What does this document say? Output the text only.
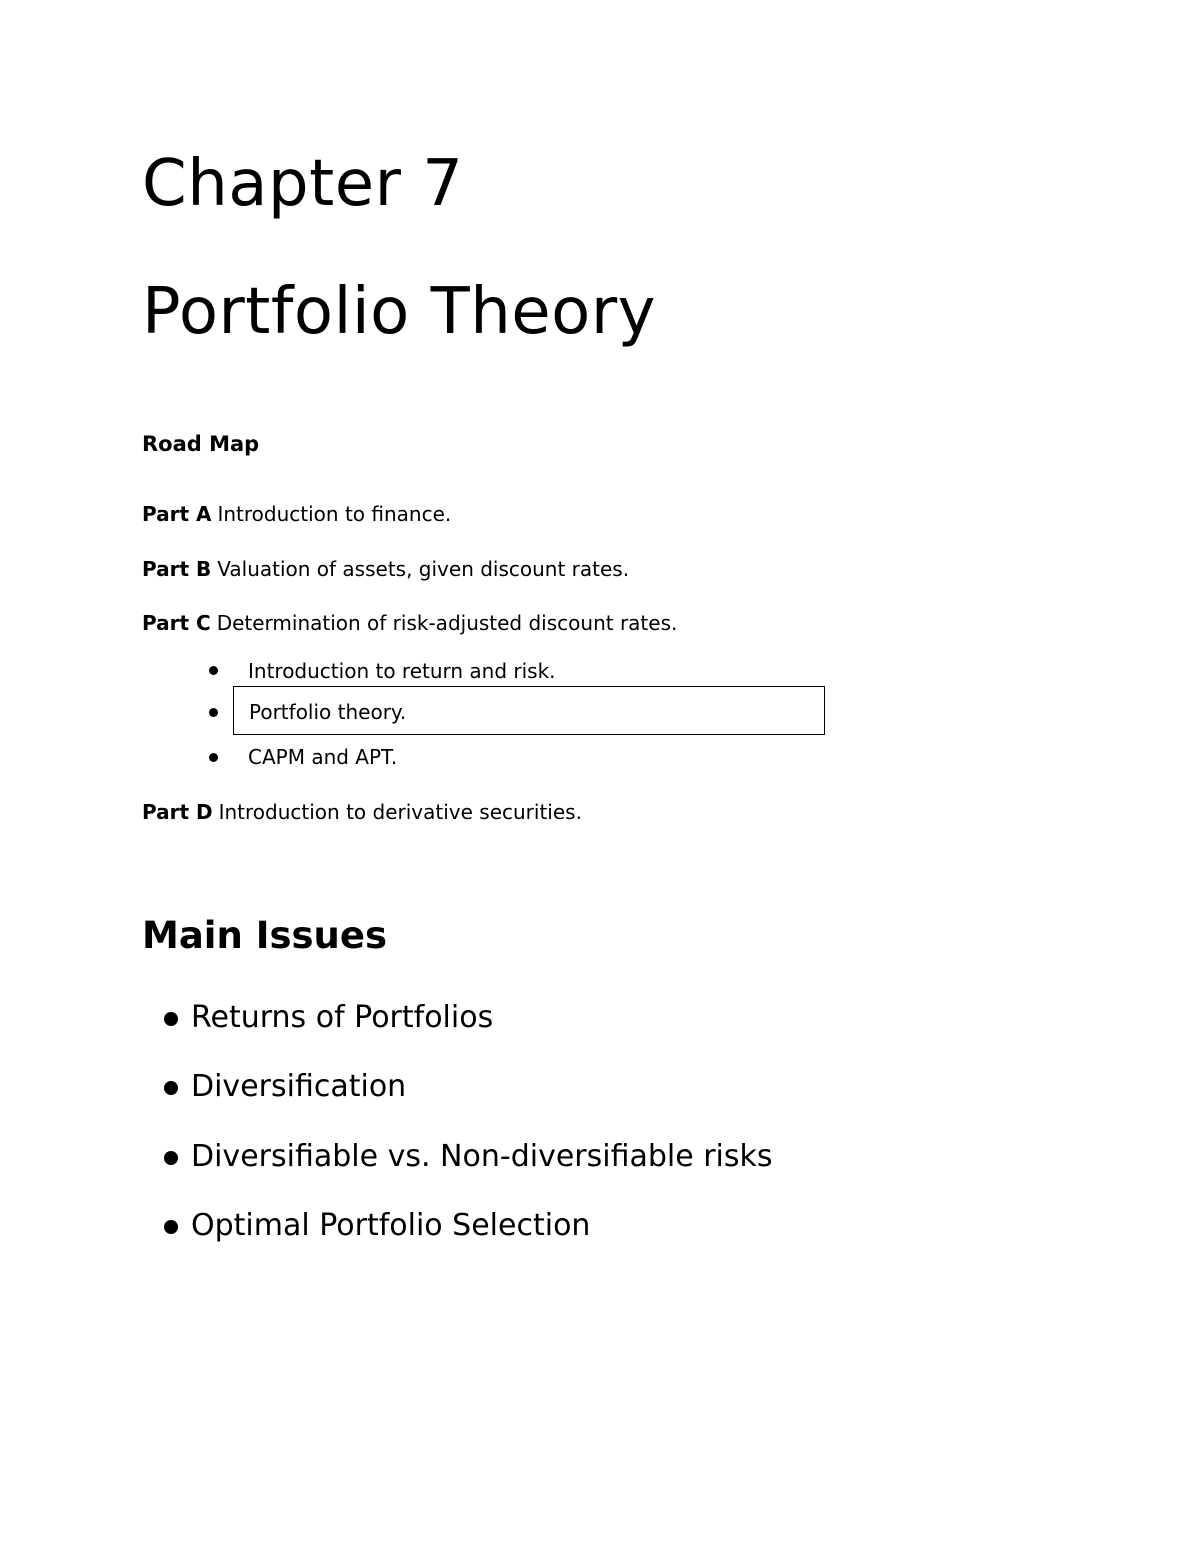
Chapter 7
Portfolio Theory
Road Map
Part A Introduction to finance.
Part B Valuation of assets, given discount rates.
Part C Determination of risk-adjusted discount rates.
Introduction to return and risk.
Portfolio theory.
CAPM and APT.
Part D Introduction to derivative securities.
Main Issues
Returns of Portfolios
Diversification
Diversifiable vs. Non-diversifiable risks
Optimal Portfolio Selection
